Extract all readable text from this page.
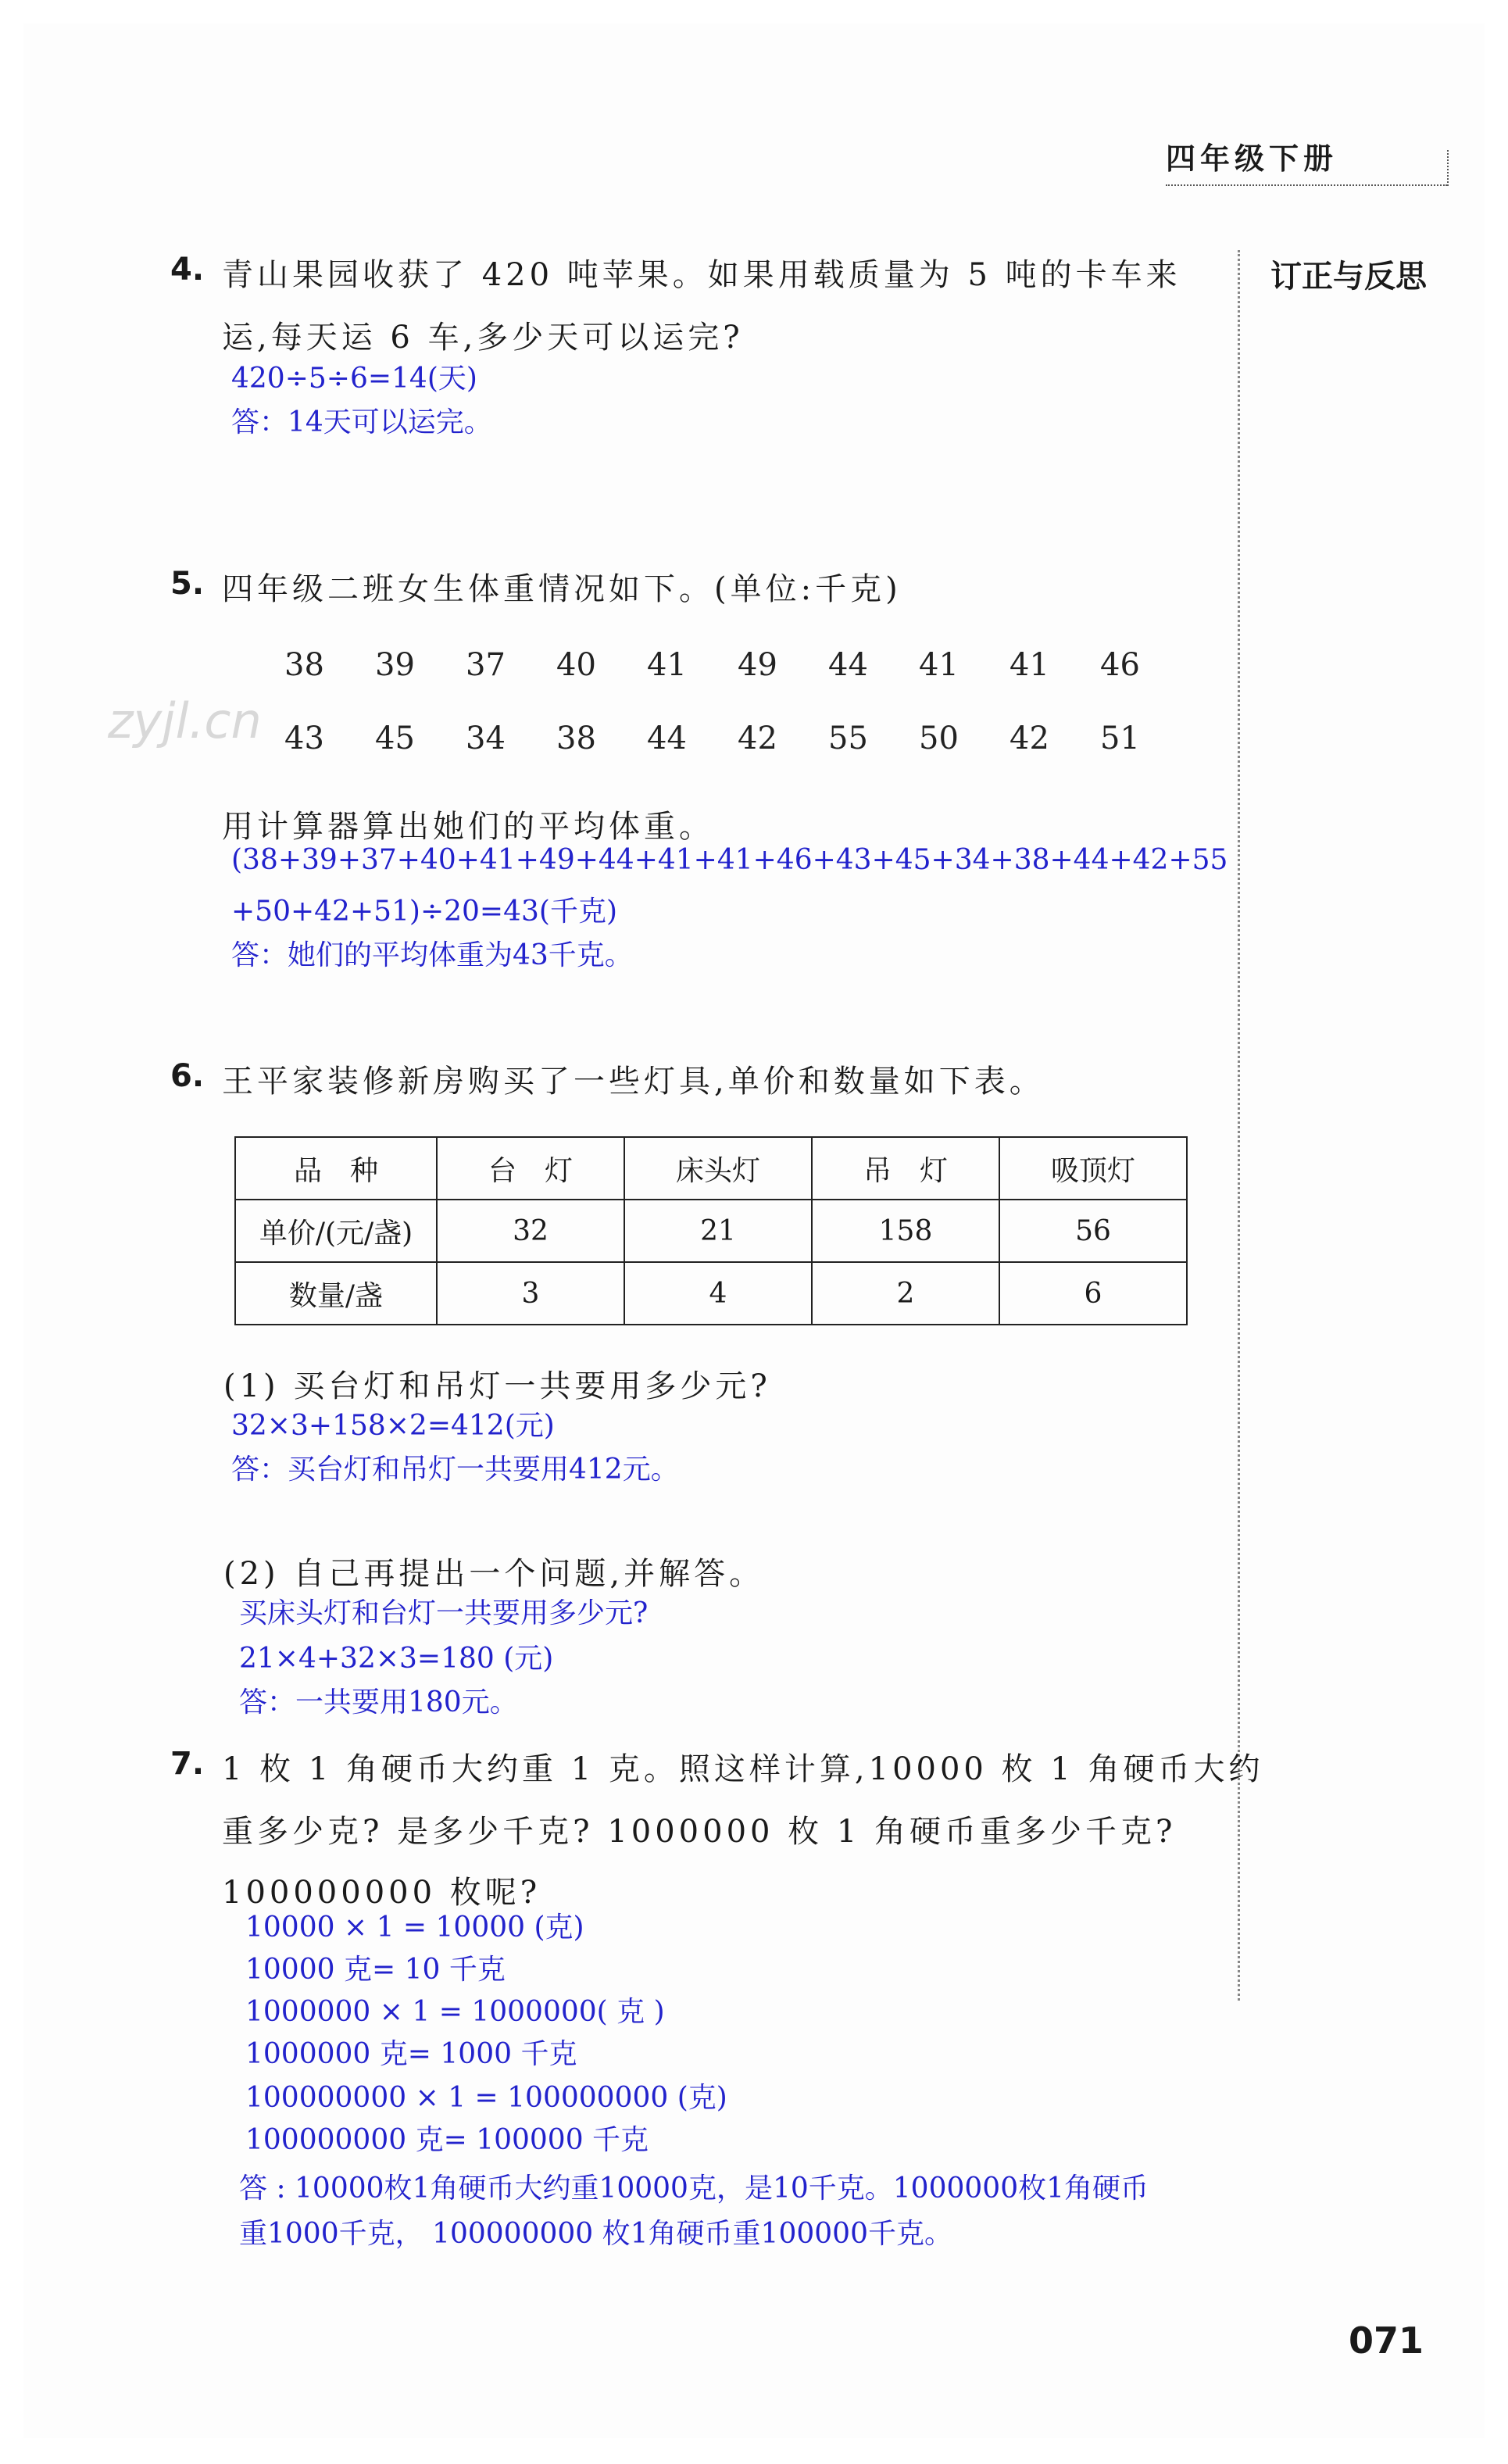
四年级下册
订正与反思
zyjl.cn
4. 青山果园收获了 420 吨苹果。如果用载质量为 5 吨的卡车来
运,每天运 6 车,多少天可以运完?
420÷5÷6=14(天)
答：14天可以运完。
5. 四年级二班女生体重情况如下。(单位:千克)
38 39 37 40 41 49 44 41 41 46
43 45 34 38 44 42 55 50 42 51
用计算器算出她们的平均体重。
(38+39+37+40+41+49+44+41+41+46+43+45+34+38+44+42+55
+50+42+51)÷20=43(千克)
答：她们的平均体重为43千克。
6. 王平家装修新房购买了一些灯具,单价和数量如下表。
品　种	台　灯	床头灯	吊　灯	吸顶灯
单价/(元/盏)	32	21	158	56
数量/盏	3	4	2	6
(1) 买台灯和吊灯一共要用多少元?
32×3+158×2=412(元)
答：买台灯和吊灯一共要用412元。
(2) 自己再提出一个问题,并解答。
买床头灯和台灯一共要用多少元?
21×4+32×3=180 (元)
答：一共要用180元。
7. 1 枚 1 角硬币大约重 1 克。照这样计算,10000 枚 1 角硬币大约
重多少克? 是多少千克? 1000000 枚 1 角硬币重多少千克?
100000000 枚呢?
10000 × 1 = 10000 (克)
10000 克= 10 千克
1000000 × 1 = 1000000( 克 )
1000000 克= 1000 千克
100000000 × 1 = 100000000 (克)
100000000 克= 100000 千克
答 : 10000枚1角硬币大约重10000克，是10千克。1000000枚1角硬币
重1000千克， 100000000 枚1角硬币重100000千克。
071
